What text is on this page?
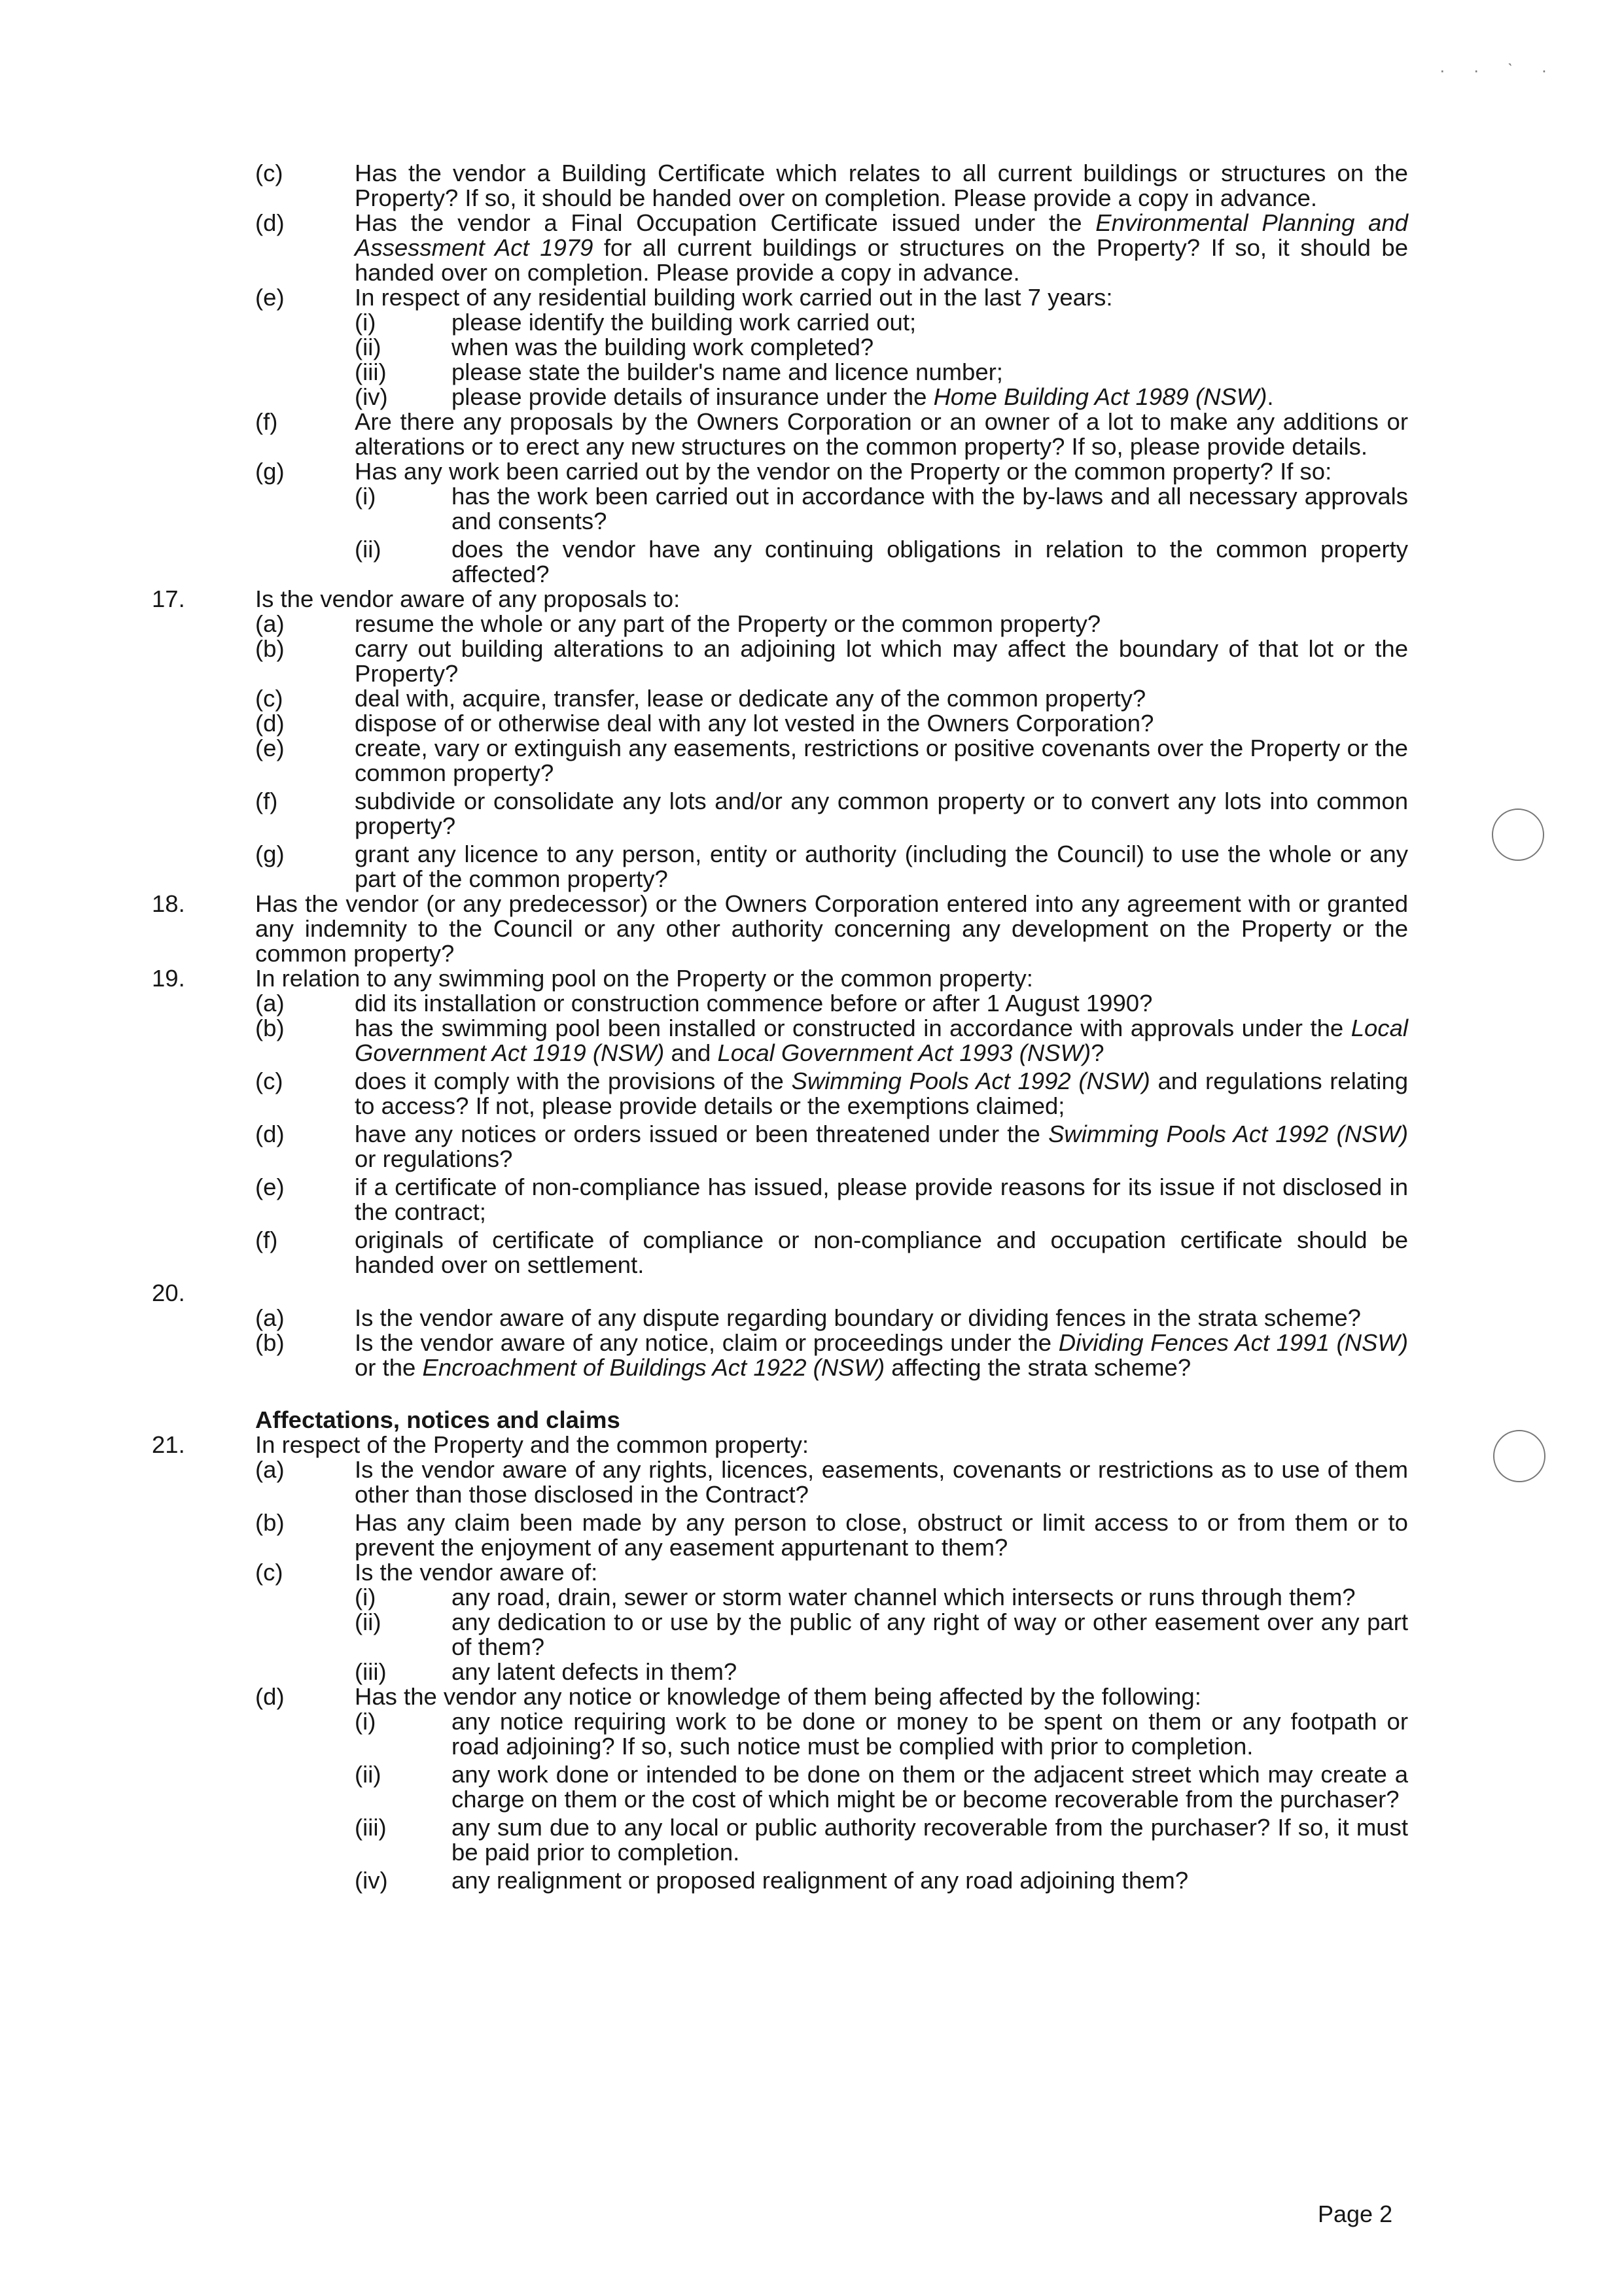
· · ˋ ·
(c)	Has the vendor a Building Certificate which relates to all current buildings or structures on the Property? If so, it should be handed over on completion. Please provide a copy in advance.
(d)	Has the vendor a Final Occupation Certificate issued under the Environmental Planning and Assessment Act 1979 for all current buildings or structures on the Property? If so, it should be handed over on completion. Please provide a copy in advance.
(e)	In respect of any residential building work carried out in the last 7 years:
(i)	please identify the building work carried out;
(ii)	when was the building work completed?
(iii)	please state the builder's name and licence number;
(iv)	please provide details of insurance under the Home Building Act 1989 (NSW).
(f)	Are there any proposals by the Owners Corporation or an owner of a lot to make any additions or alterations or to erect any new structures on the common property? If so, please provide details.
(g)	Has any work been carried out by the vendor on the Property or the common property? If so:
(i)	has the work been carried out in accordance with the by-laws and all necessary approvals and consents?
(ii)	does the vendor have any continuing obligations in relation to the common property affected?
17.	Is the vendor aware of any proposals to:
(a)	resume the whole or any part of the Property or the common property?
(b)	carry out building alterations to an adjoining lot which may affect the boundary of that lot or the Property?
(c)	deal with, acquire, transfer, lease or dedicate any of the common property?
(d)	dispose of or otherwise deal with any lot vested in the Owners Corporation?
(e)	create, vary or extinguish any easements, restrictions or positive covenants over the Property or the common property?
(f)	subdivide or consolidate any lots and/or any common property or to convert any lots into common property?
(g)	grant any licence to any person, entity or authority (including the Council) to use the whole or any part of the common property?
18.	Has the vendor (or any predecessor) or the Owners Corporation entered into any agreement with or granted any indemnity to the Council or any other authority concerning any development on the Property or the common property?
19.	In relation to any swimming pool on the Property or the common property:
(a)	did its installation or construction commence before or after 1 August 1990?
(b)	has the swimming pool been installed or constructed in accordance with approvals under the Local Government Act 1919 (NSW) and Local Government Act 1993 (NSW)?
(c)	does it comply with the provisions of the Swimming Pools Act 1992 (NSW) and regulations relating to access? If not, please provide details or the exemptions claimed;
(d)	have any notices or orders issued or been threatened under the Swimming Pools Act 1992 (NSW) or regulations?
(e)	if a certificate of non-compliance has issued, please provide reasons for its issue if not disclosed in the contract;
(f)	originals of certificate of compliance or non-compliance and occupation certificate should be handed over on settlement.
20.

(a)	Is the vendor aware of any dispute regarding boundary or dividing fences in the strata scheme?
(b)	Is the vendor aware of any notice, claim or proceedings under the Dividing Fences Act 1991 (NSW) or the Encroachment of Buildings Act 1922 (NSW) affecting the strata scheme?
Affectations, notices and claims
21.	In respect of the Property and the common property:
(a)	Is the vendor aware of any rights, licences, easements, covenants or restrictions as to use of them other than those disclosed in the Contract?
(b)	Has any claim been made by any person to close, obstruct or limit access to or from them or to prevent the enjoyment of any easement appurtenant to them?
(c)	Is the vendor aware of:
(i)	any road, drain, sewer or storm water channel which intersects or runs through them?
(ii)	any dedication to or use by the public of any right of way or other easement over any part of them?
(iii)	any latent defects in them?
(d)	Has the vendor any notice or knowledge of them being affected by the following:
(i)	any notice requiring work to be done or money to be spent on them or any footpath or road adjoining? If so, such notice must be complied with prior to completion.
(ii)	any work done or intended to be done on them or the adjacent street which may create a charge on them or the cost of which might be or become recoverable from the purchaser?
(iii)	any sum due to any local or public authority recoverable from the purchaser? If so, it must be paid prior to completion.
(iv)	any realignment or proposed realignment of any road adjoining them?
Page 2
